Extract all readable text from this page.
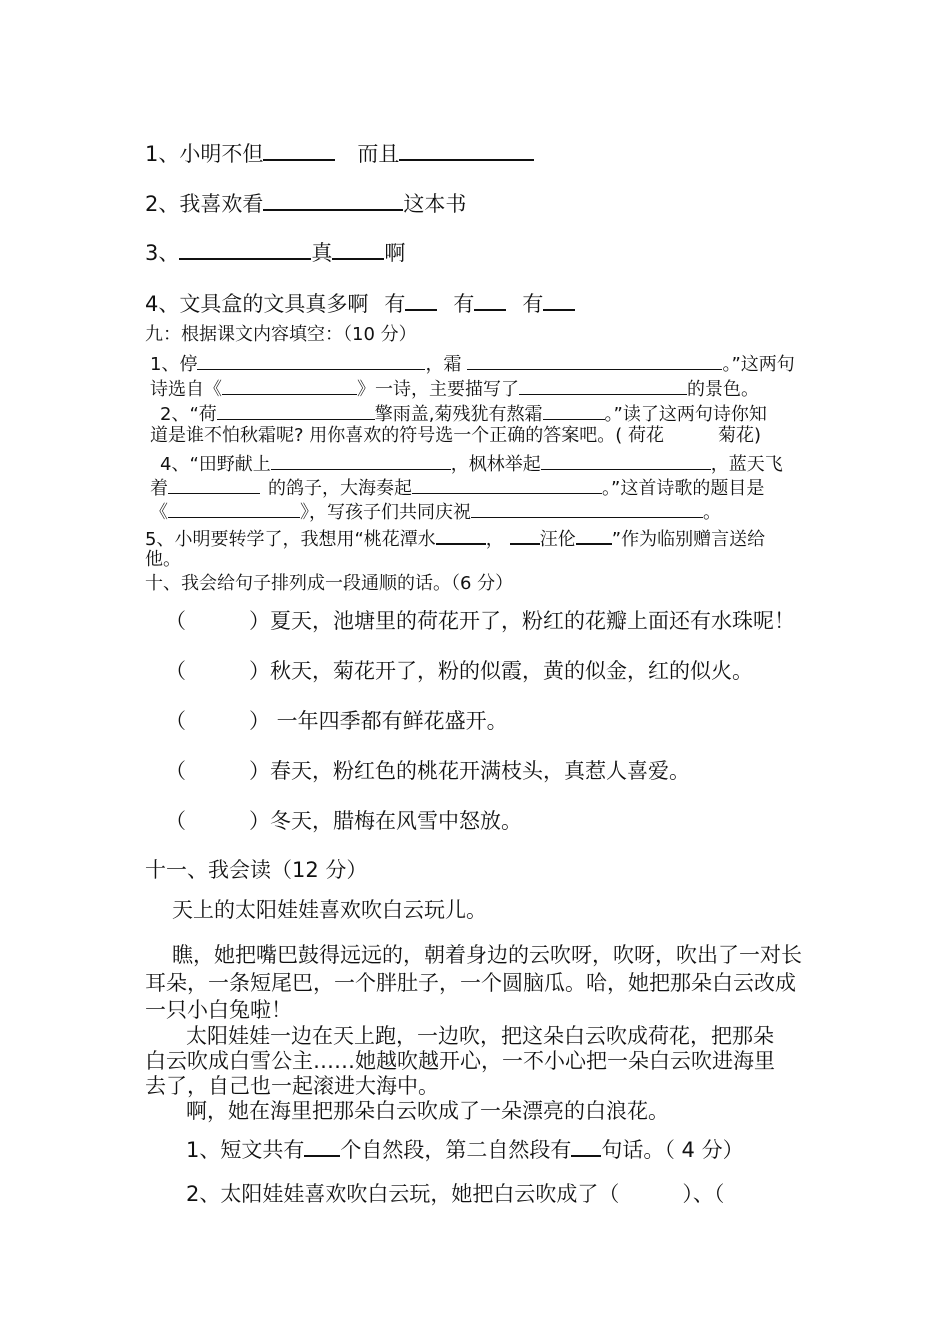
1、小明不但	而且
2、我喜欢看	这本书
3、	真 啊
4、文具盒的文具真多啊 有 有 有
九：根据课文内容填空：（10 分）
1、停	，霜	。”这两句
诗选自《	》一诗，主要描写了	的景色。
2、“荷	擎雨盖,菊残犹有熬霜	。”读了这两句诗你知
道是谁不怕秋霜呢? 用你喜欢的符号选一个正确的答案吧。( 荷花　　　菊花)
4、“田野献上	，枫林举起	，蓝天飞
着	的鸽子，大海奏起	。”这首诗歌的题目是
《	》，写孩子们共同庆祝	。
5、小明要转学了，我想用“桃花潭水	， 汪伦 ”作为临别赠言送给
他。
十、我会给句子排列成一段通顺的话。（6 分）
（　　　）夏天，池塘里的荷花开了，粉红的花瓣上面还有水珠呢！
（　　　）秋天，菊花开了，粉的似霞，黄的似金，红的似火。
（　　　） 一年四季都有鲜花盛开。
（　　　）春天，粉红色的桃花开满枝头，真惹人喜爱。
（　　　）冬天，腊梅在风雪中怒放。
十一、我会读（12 分）
天上的太阳娃娃喜欢吹白云玩儿。
瞧，她把嘴巴鼓得远远的，朝着身边的云吹呀，吹呀，吹出了一对长
耳朵，一条短尾巴，一个胖肚子，一个圆脑瓜。哈，她把那朵白云改成
一只小白兔啦！
太阳娃娃一边在天上跑，一边吹，把这朵白云吹成荷花，把那朵
白云吹成白雪公主……她越吹越开心，一不小心把一朵白云吹进海里
去了，自己也一起滚进大海中。
啊，她在海里把那朵白云吹成了一朵漂亮的白浪花。
1、短文共有 个自然段，第二自然段有 句话。（ 4 分）
2、太阳娃娃喜欢吹白云玩，她把白云吹成了（　　　）、（
